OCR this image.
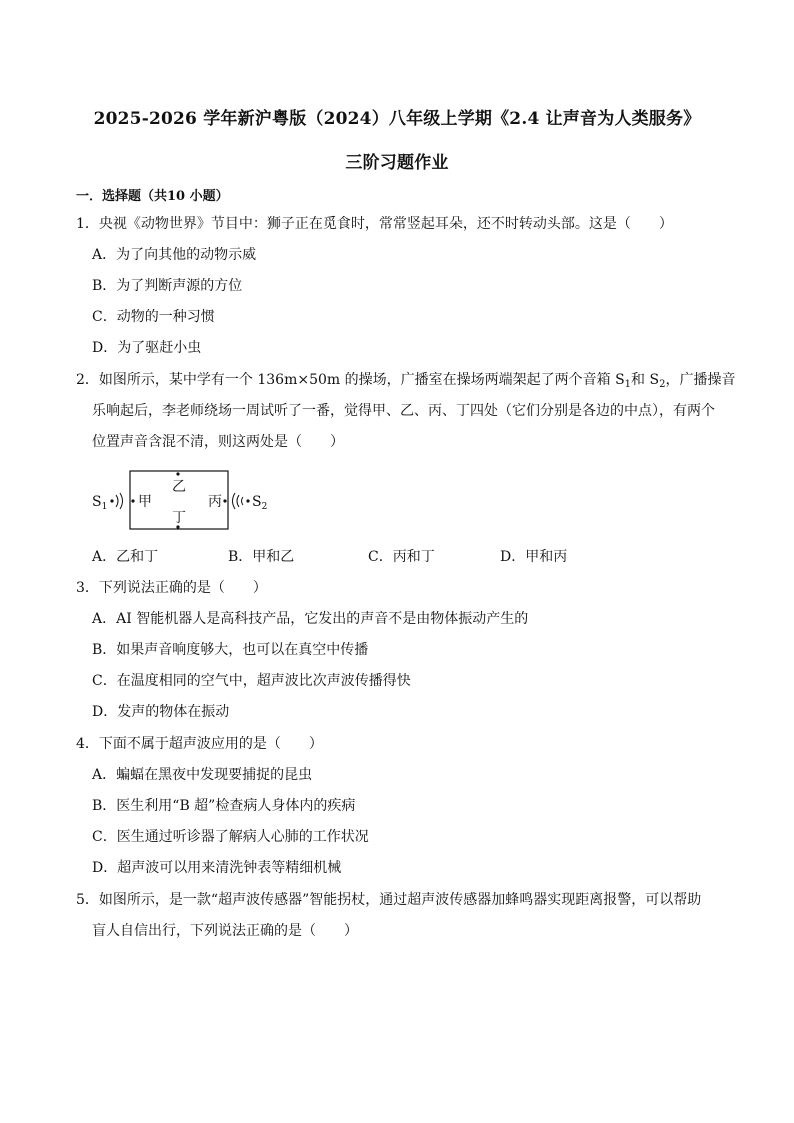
2025-2026 学年新沪粤版（2024）八年级上学期《2.4 让声音为人类服务》
三阶习题作业
一．选择题（共10 小题）
1．央视《动物世界》节目中：狮子正在觅食时，常常竖起耳朵，还不时转动头部。这是（　　）
A．为了向其他的动物示威
B．为了判断声源的方位
C．动物的一种习惯
D．为了驱赶小虫
2．如图所示，某中学有一个 136m×50m 的操场，广播室在操场两端架起了两个音箱 $S_1$和 $S_2$，广播操音
乐响起后，李老师绕场一周试听了一番，觉得甲、乙、丙、丁四处（它们分别是各边的中点），有两个
位置声音含混不清，则这两处是（　　）
$S_1$ 甲
乙
丁
丙 $S_2$
A．乙和丁	B．甲和乙	C．丙和丁	D．甲和丙
3．下列说法正确的是（　　）
A．AI 智能机器人是高科技产品，它发出的声音不是由物体振动产生的
B．如果声音响度够大，也可以在真空中传播
C．在温度相同的空气中，超声波比次声波传播得快
D．发声的物体在振动
4．下面不属于超声波应用的是（　　）
A．蝙蝠在黑夜中发现要捕捉的昆虫
B．医生利用“B 超”检查病人身体内的疾病
C．医生通过听诊器了解病人心肺的工作状况
D．超声波可以用来清洗钟表等精细机械
5．如图所示，是一款“超声波传感器”智能拐杖，通过超声波传感器加蜂鸣器实现距离报警，可以帮助
盲人自信出行，下列说法正确的是（　　）
